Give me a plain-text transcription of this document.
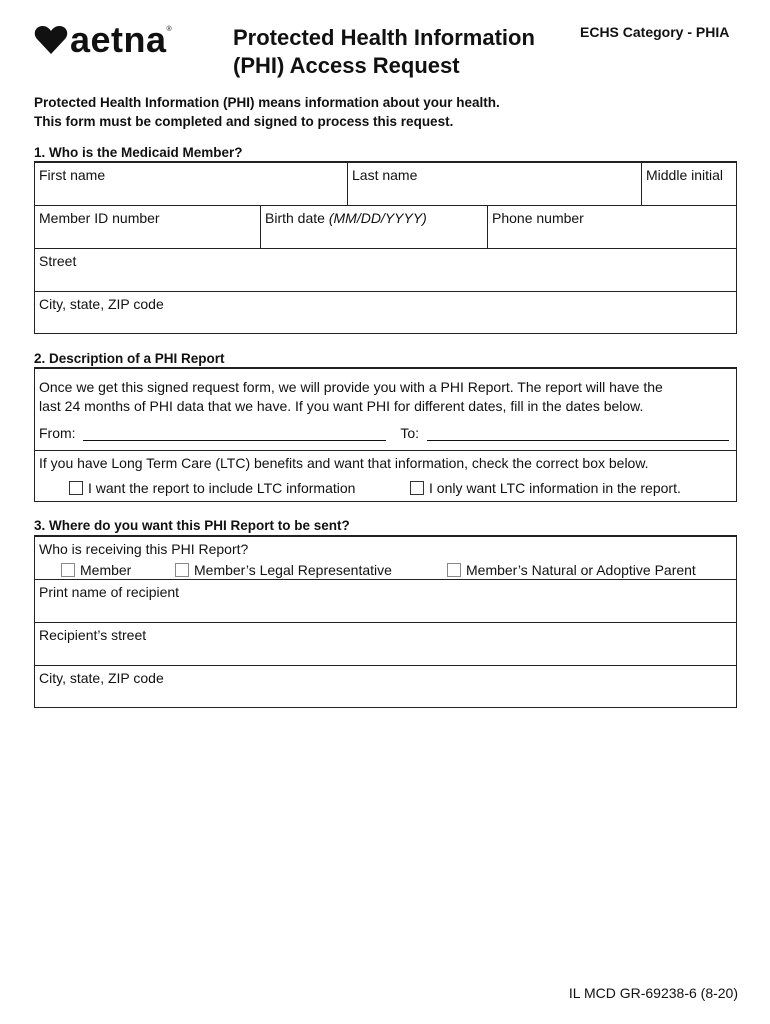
aetna ®	Protected Health Information
(PHI) Access Request
ECHS Category - PHIA
Protected Health Information (PHI) means information about your health.
This form must be completed and signed to process this request.
1. Who is the Medicaid Member?
First name	Last name	Middle initial
Member ID number	Birth date (MM/DD/YYYY)	Phone number
Street
City, state, ZIP code
2. Description of a PHI Report
Once we get this signed request form, we will provide you with a PHI Report. The report will have the
last 24 months of PHI data that we have. If you want PHI for different dates, fill in the dates below.
From:	To:
If you have Long Term Care (LTC) benefits and want that information, check the correct box below.
I want the report to include LTC information	I only want LTC information in the report.
3. Where do you want this PHI Report to be sent?
Who is receiving this PHI Report?
Member	Member’s Legal Representative	Member’s Natural or Adoptive Parent
Print name of recipient
Recipient’s street
City, state, ZIP code
IL MCD GR-69238-6 (8-20)
